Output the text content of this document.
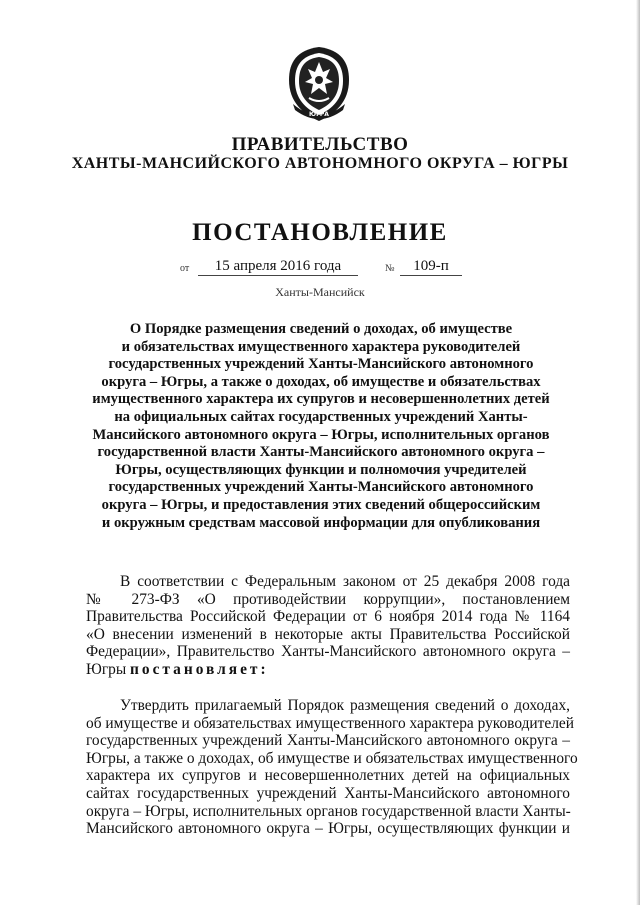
ЮГРА
ПРАВИТЕЛЬСТВО
ХАНТЫ-МАНСИЙСКОГО АВТОНОМНОГО ОКРУГА – ЮГРЫ
ПОСТАНОВЛЕНИЕ
от	15 апреля 2016 года	№	109-п
Ханты-Мансийск
О Порядке размещения сведений о доходах, об имуществе
и обязательствах имущественного характера руководителей
государственных учреждений Ханты-Мансийского автономного
округа – Югры, а также о доходах, об имуществе и обязательствах
имущественного характера их супругов и несовершеннолетних детей
на официальных сайтах государственных учреждений Ханты-
Мансийского автономного округа – Югры, исполнительных органов
государственной власти Ханты-Мансийского автономного округа –
Югры, осуществляющих функции и полномочия учредителей
государственных учреждений Ханты-Мансийского автономного
округа – Югры, и предоставления этих сведений общероссийским
и окружным средствам массовой информации для опубликования
В соответствии с Федеральным законом от 25 декабря 2008 года
№ 273-ФЗ «О противодействии коррупции», постановлением
Правительства Российской Федерации от 6 ноября 2014 года № 1164
«О внесении изменений в некоторые акты Правительства Российской
Федерации», Правительство Ханты-Мансийского автономного округа –
Югры постановляет:
Утвердить прилагаемый Порядок размещения сведений о доходах,
об имуществе и обязательствах имущественного характера руководителей
государственных учреждений Ханты-Мансийского автономного округа –
Югры, а также о доходах, об имуществе и обязательствах имущественного
характера их супругов и несовершеннолетних детей на официальных
сайтах государственных учреждений Ханты-Мансийского автономного
округа – Югры, исполнительных органов государственной власти Ханты-
Мансийского автономного округа – Югры, осуществляющих функции и
